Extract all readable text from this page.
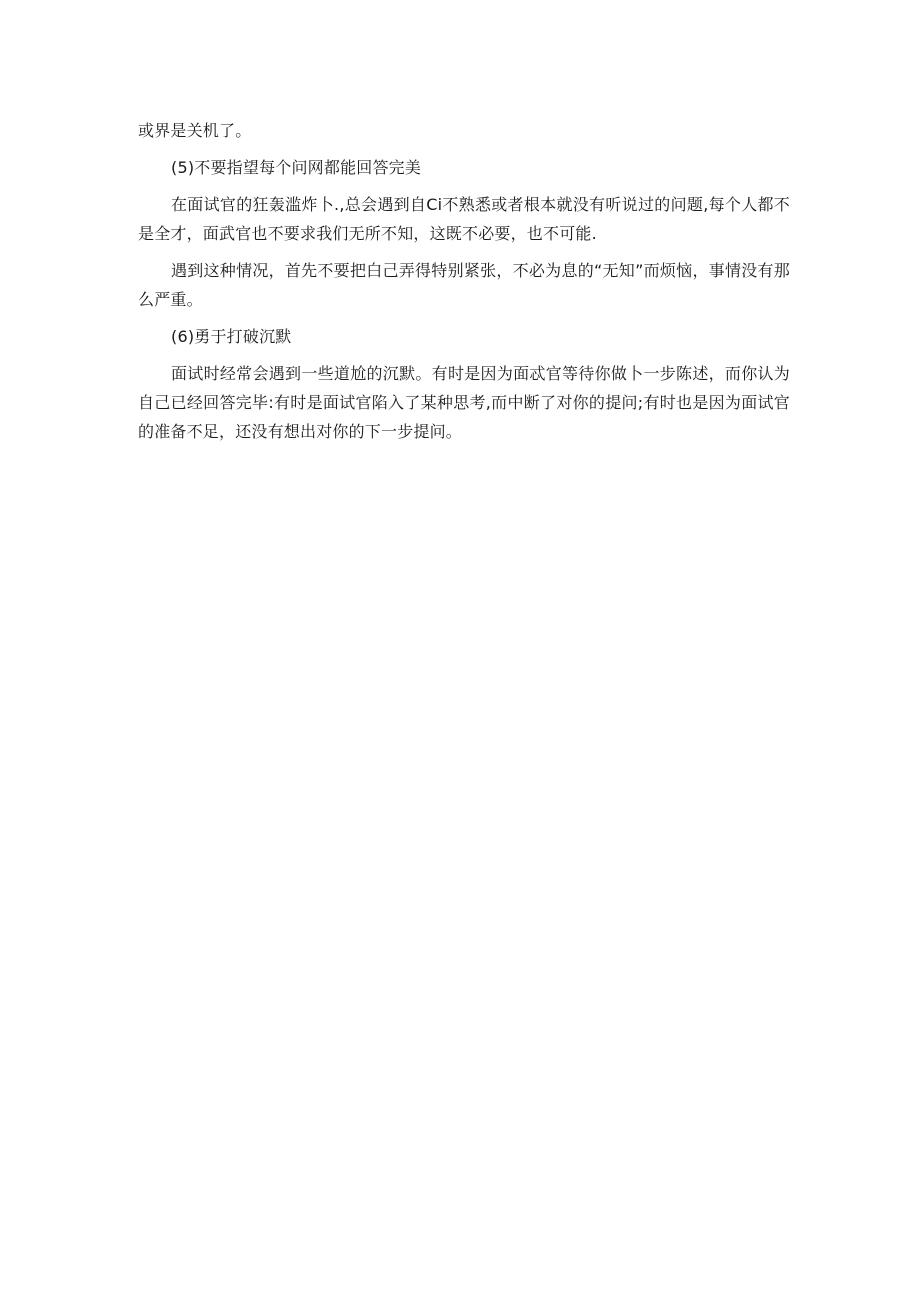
或界是关机了。

(5)不要指望每个问网都能回答完美

在面试官的狂轰滥炸卜.,总会遇到自Ci不熟悉或者根本就没有听说过的问题,每个人都不是全才，面武官也不要求我们无所不知，这既不必要，也不可能.

遇到这种情况，首先不要把白己弄得特别紧张，不必为息的“无知”而烦恼，事情没有那么严重。

(6)勇于打破沉默

面试时经常会遇到一些道尬的沉默。有时是因为面忒官等待你做卜一步陈述，而你认为自己已经回答完毕:有时是面试官陷入了某种思考,而中断了对你的提问;有时也是因为面试官的准备不足，还没有想出对你的下一步提问。
